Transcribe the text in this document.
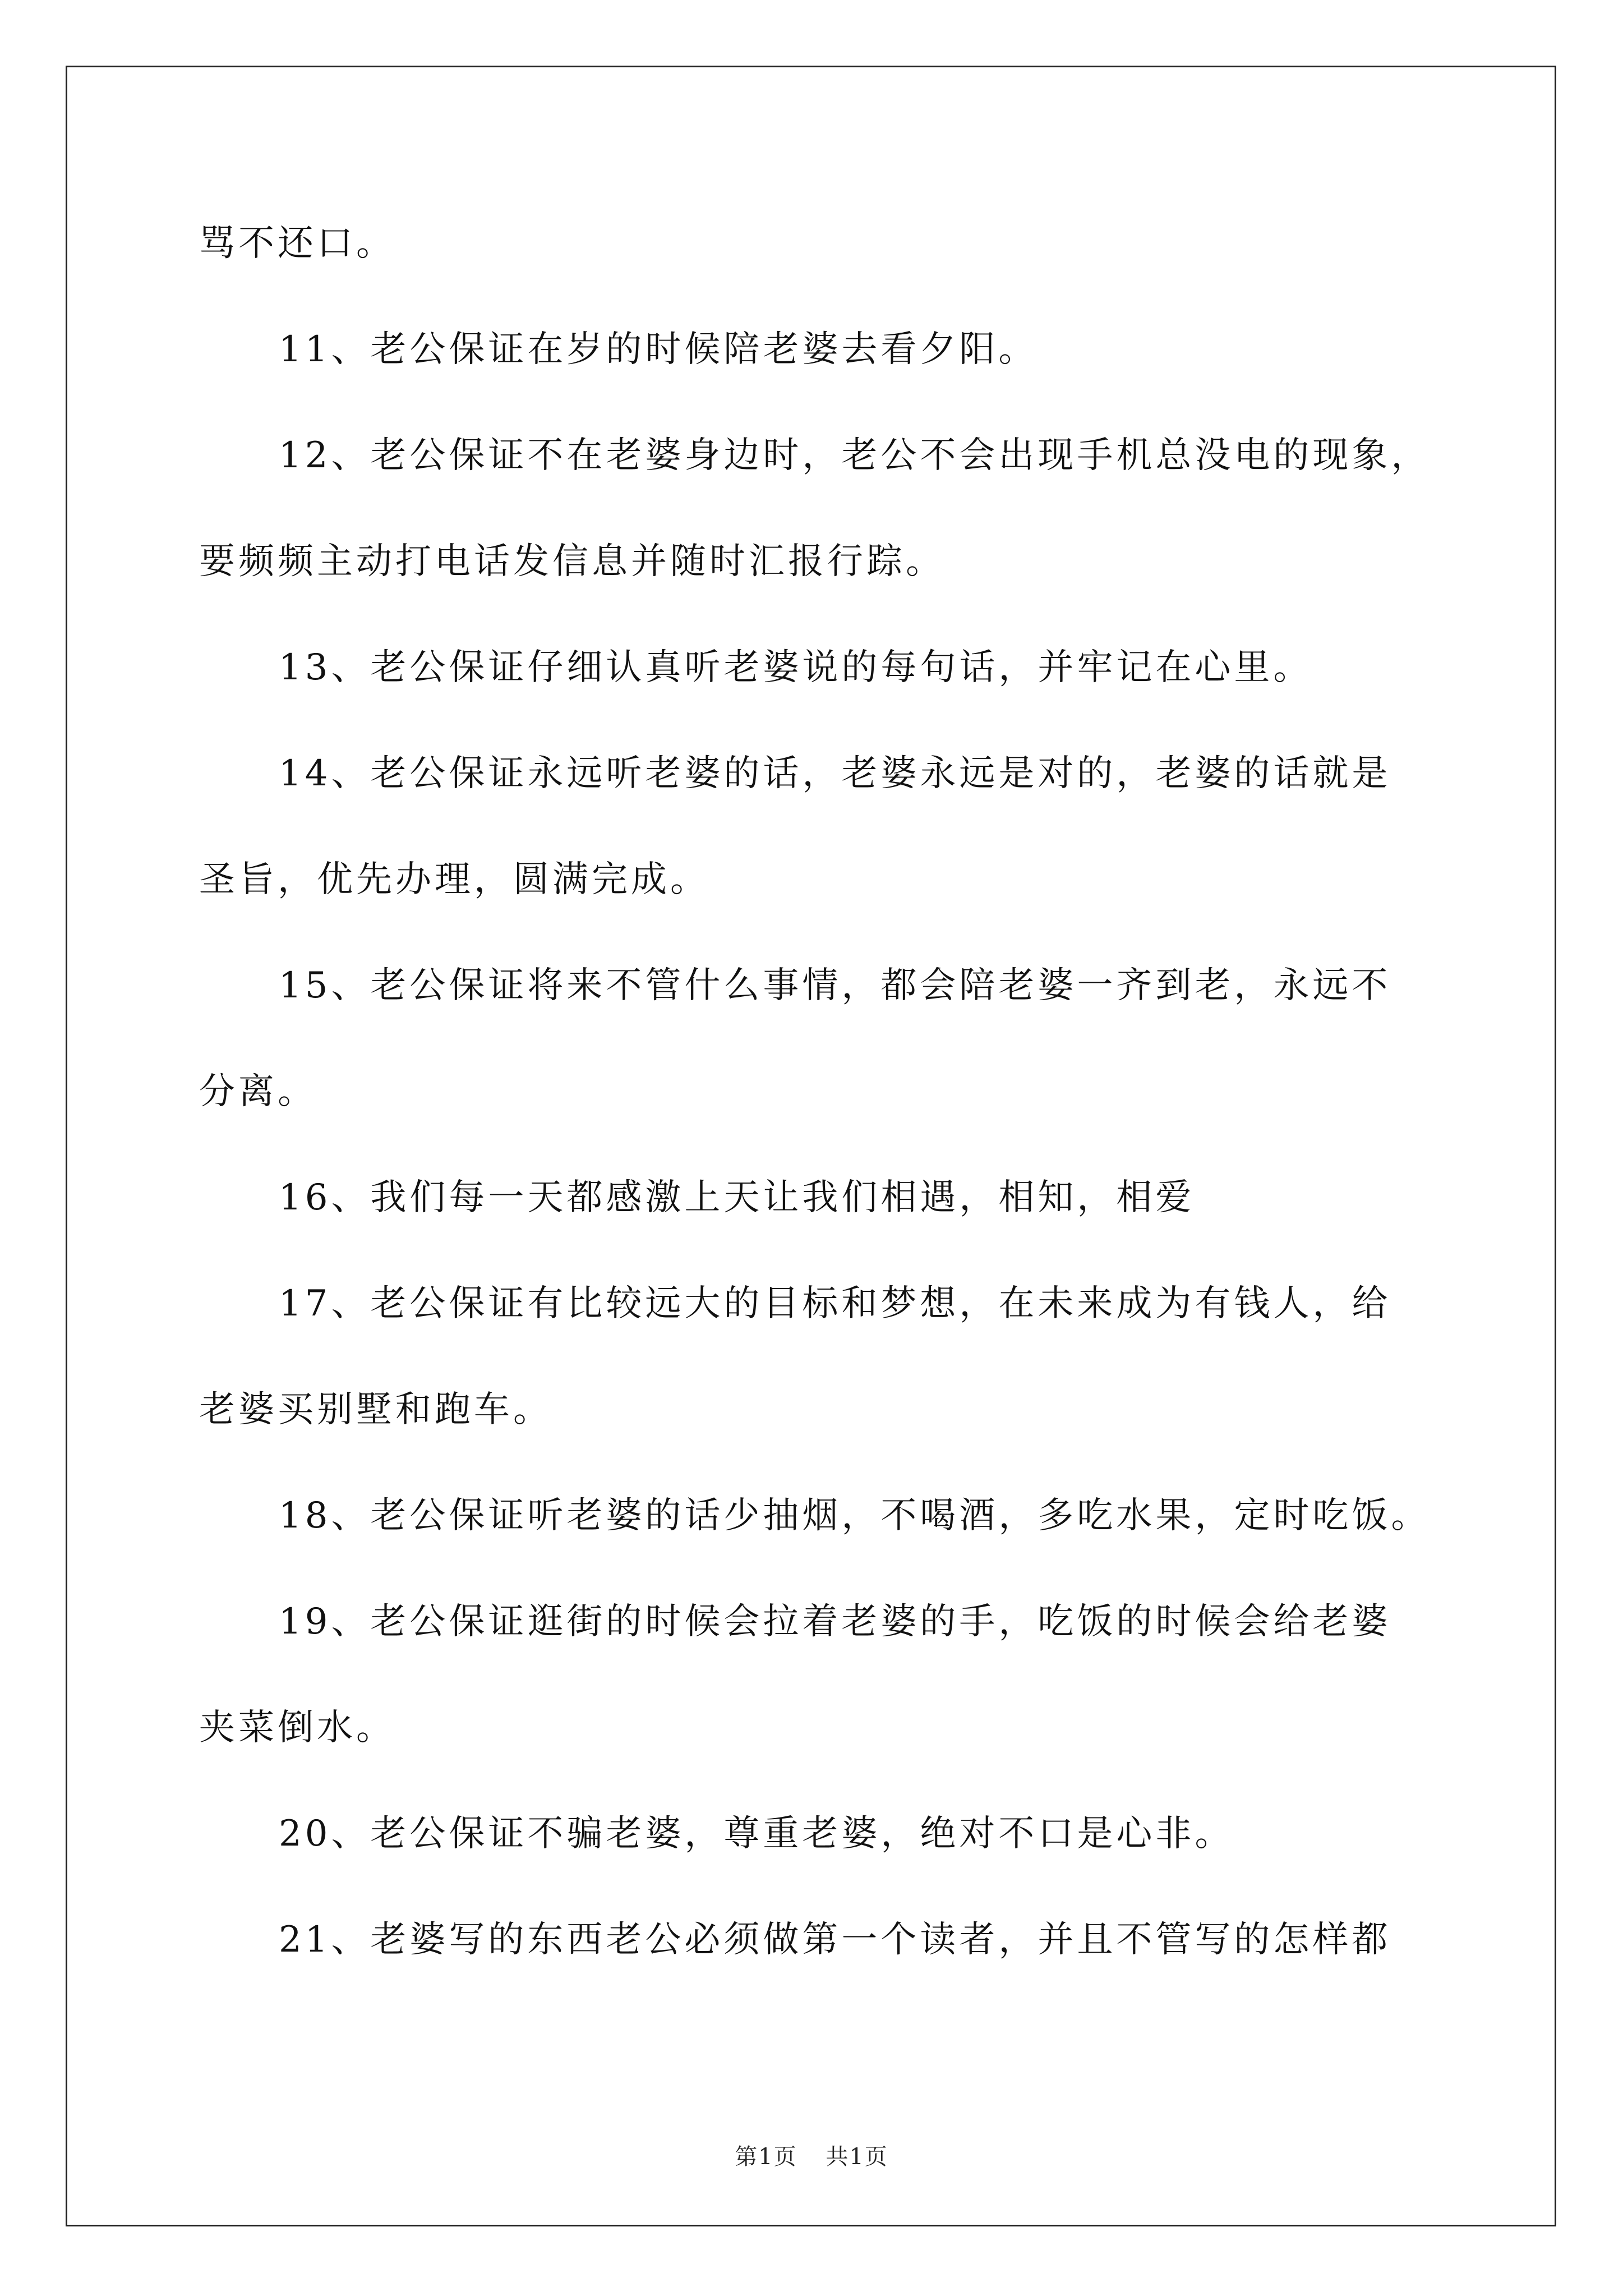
骂不还口。
11、老公保证在岁的时候陪老婆去看夕阳。
12、老公保证不在老婆身边时，老公不会出现手机总没电的现象，
要频频主动打电话发信息并随时汇报行踪。
13、老公保证仔细认真听老婆说的每句话，并牢记在心里。
14、老公保证永远听老婆的话，老婆永远是对的，老婆的话就是
圣旨，优先办理，圆满完成。
15、老公保证将来不管什么事情，都会陪老婆一齐到老，永远不
分离。
16、我们每一天都感激上天让我们相遇，相知，相爱
17、老公保证有比较远大的目标和梦想，在未来成为有钱人，给
老婆买别墅和跑车。
18、老公保证听老婆的话少抽烟，不喝酒，多吃水果，定时吃饭。
19、老公保证逛街的时候会拉着老婆的手，吃饭的时候会给老婆
夹菜倒水。
20、老公保证不骗老婆，尊重老婆，绝对不口是心非。
21、老婆写的东西老公必须做第一个读者，并且不管写的怎样都
第1页 共1页
